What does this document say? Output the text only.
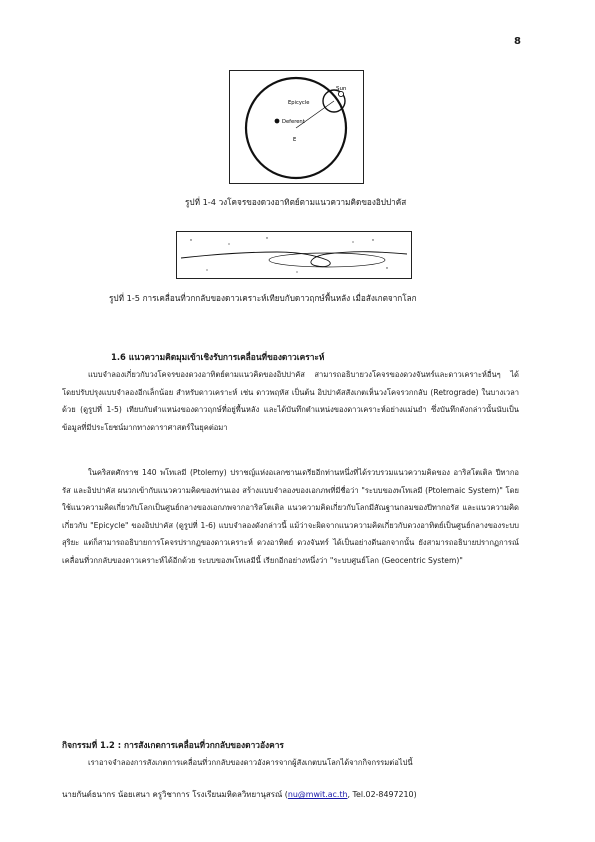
8
Sun
Epicycle
Deferent
E
รูปที่ 1-4 วงโคจรของดวงอาทิตย์ตามแนวความคิดของอิปปาคัส
รูปที่ 1-5 การเคลื่อนที่วกกลับของดาวเคราะห์เทียบกับดาวฤกษ์พื้นหลัง เมื่อสังเกตจากโลก
1.6 แนวความคิดมุมเข้าเชิงรับการเคลื่อนที่ของดาวเคราะห์
แบบจำลองเกี่ยวกับวงโคจรของดวงอาทิตย์ตามแนวคิดของอิปปาคัส สามารถอธิบายวงโคจรของดวงจันทร์และดาวเคราะห์อื่นๆ ได้ โดยปรับปรุงแบบจำลองอีกเล็กน้อย สำหรับดาวเคราะห์ เช่น ดาวพฤหัส เป็นต้น อิปปาคัสสังเกตเห็นวงโคจรวกกลับ (Retrograde) ในบางเวลาด้วย (ดูรูปที่ 1-5) เทียบกับตำแหน่งของดาวฤกษ์ที่อยู่พื้นหลัง และได้บันทึกตำแหน่งของดาวเคราะห์อย่างแม่นยำ ซึ่งบันทึกดังกล่าวนั้นนับเป็นข้อมูลที่มีประโยชน์มากทางดาราศาสตร์ในยุคต่อมา
ในคริสตศักราช 140 พโทเลมี (Ptolemy) ปราชญ์แห่งอเลกซานเดรียอีกท่านหนึ่งที่ได้รวบรวมแนวความคิดของ อาริสโตเติล ปีทากอรัส และอิปปาคัส ผนวกเข้ากับแนวความคิดของท่านเอง สร้างแบบจำลองของเอกภพที่มีชื่อว่า "ระบบของพโทเลมี (Ptolemaic System)" โดยใช้แนวความคิดเกี่ยวกับโลกเป็นศูนย์กลางของเอกภพจากอาริสโตเติล แนวความคิดเกี่ยวกับโลกมีสัณฐานกลมของปีทากอรัส และแนวความคิดเกี่ยวกับ "Epicycle" ของอิปปาคัส (ดูรูปที่ 1-6) แบบจำลองดังกล่าวนี้ แม้ว่าจะผิดจากแนวความคิดเกี่ยวกับดวงอาทิตย์เป็นศูนย์กลางของระบบสุริยะ แต่ก็สามารถอธิบายการโคจรปรากฏของดาวเคราะห์ ดวงอาทิตย์ ดวงจันทร์ ได้เป็นอย่างดีนอกจากนั้น ยังสามารถอธิบายปรากฏการณ์เคลื่อนที่วกกลับของดาวเคราะห์ได้อีกด้วย ระบบของพโทเลมีนี้ เรียกอีกอย่างหนึ่งว่า "ระบบศูนย์โลก (Geocentric System)"
กิจกรรมที่ 1.2 : การสังเกตการเคลื่อนที่วกกลับของดาวอังคาร
เราอาจจำลองการสังเกตการเคลื่อนที่วกกลับของดาวอังคารจากผู้สังเกตบนโลกได้จากกิจกรรมต่อไปนี้
นายกันต์ธนากร น้อยเสนา ครูวิชาการ โรงเรียนมหิดลวิทยานุสรณ์ (nu@mwit.ac.th, Tel.02-8497210)
